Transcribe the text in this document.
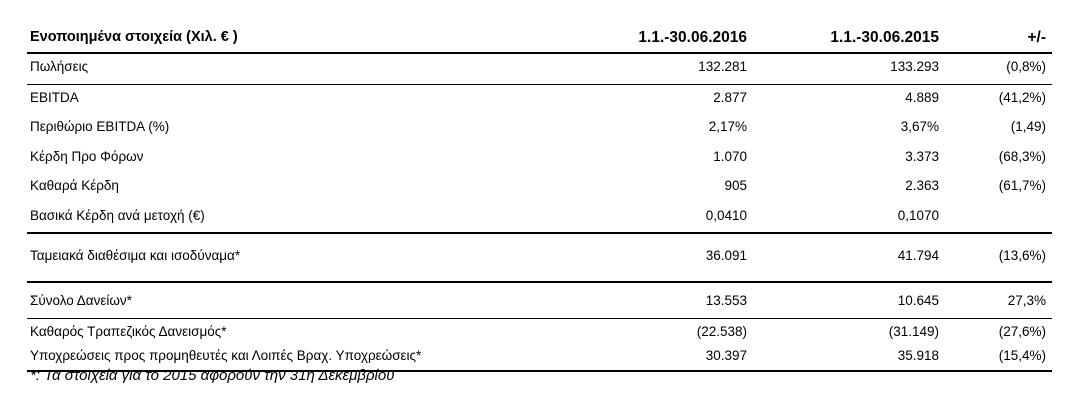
Ενοποιημένα στοιχεία (Χιλ. € )	1.1.-30.06.2016	1.1.-30.06.2015	+/-
Πωλήσεις	132.281	133.293	(0,8%)
EBITDA	2.877	4.889	(41,2%)
Περιθώριο EBITDA (%)	2,17%	3,67%	(1,49)
Κέρδη Προ Φόρων	1.070	3.373	(68,3%)
Καθαρά Κέρδη	905	2.363	(61,7%)
Βασικά Κέρδη ανά μετοχή (€)	0,0410	0,1070
Ταμειακά διαθέσιμα και ισοδύναμα*	36.091	41.794	(13,6%)
Σύνολο Δανείων*	13.553	10.645	27,3%
Καθαρός Τραπεζικός Δανεισμός*	(22.538)	(31.149)	(27,6%)
Υποχρεώσεις προς προμηθευτές και Λοιπές Βραχ. Υποχρεώσεις*	30.397	35.918	(15,4%)
*: Τα στοιχεία για το 2015 αφορούν την 31η Δεκεμβρίου
